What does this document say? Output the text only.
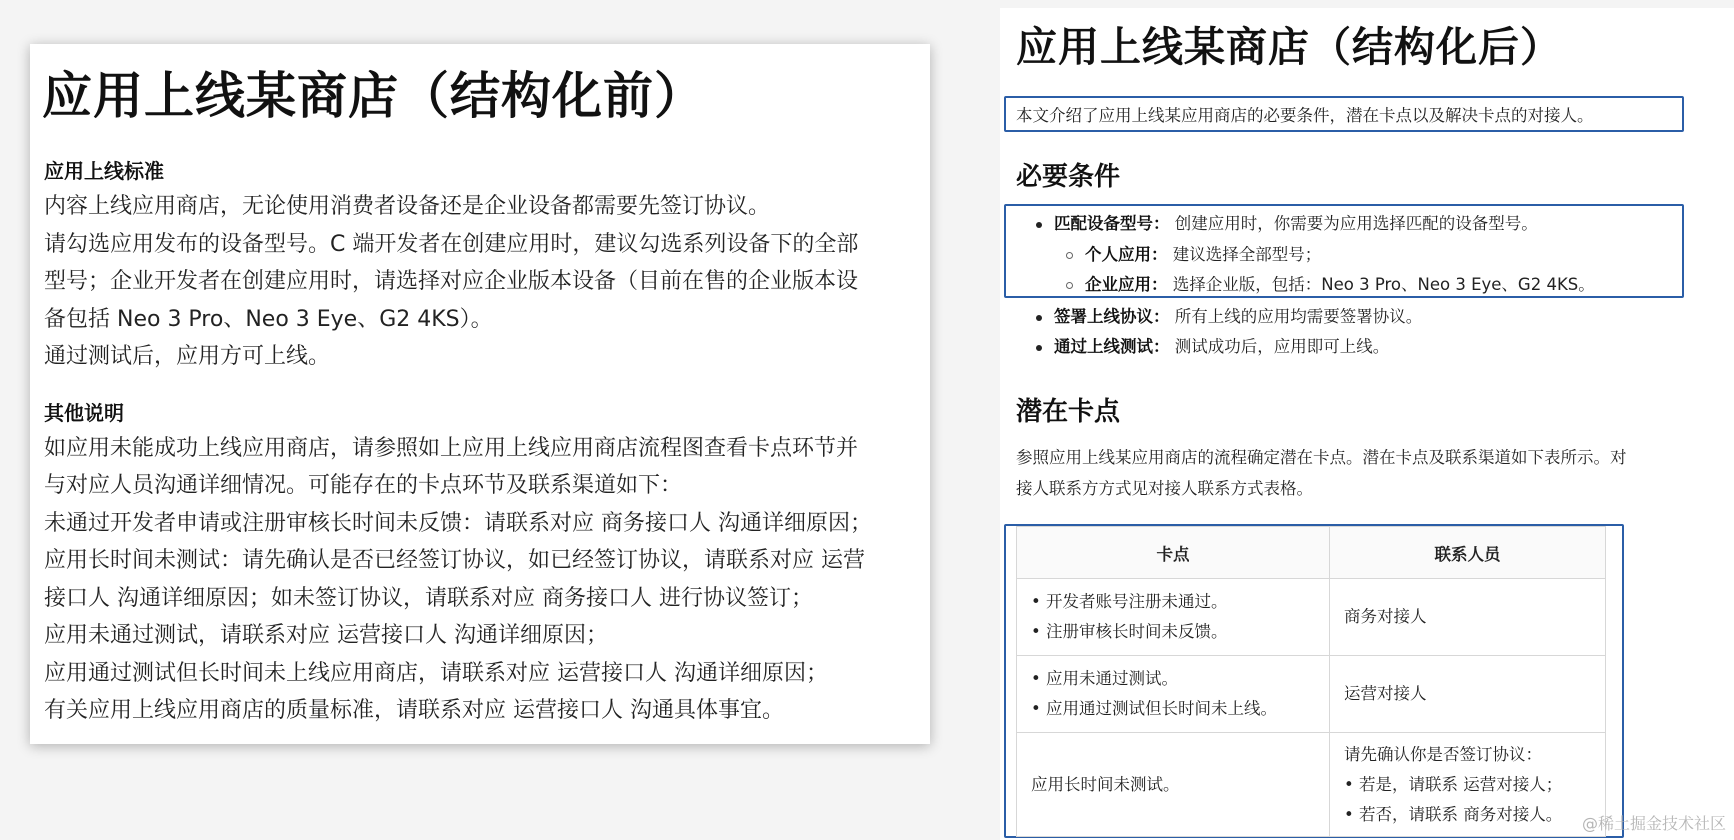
应用上线某商店（结构化前）
应用上线标准

内容上线应用商店，无论使用消费者设备还是企业设备都需要先签订协议。

请勾选应用发布的设备型号。C 端开发者在创建应用时，建议勾选系列设备下的全部

型号；企业开发者在创建应用时，请选择对应企业版本设备（目前在售的企业版本设

备包括 Neo 3 Pro、Neo 3 Eye、G2 4KS）。

通过测试后，应用方可上线。

其他说明

如应用未能成功上线应用商店，请参照如上应用上线应用商店流程图查看卡点环节并

与对应人员沟通详细情况。可能存在的卡点环节及联系渠道如下：

未通过开发者申请或注册审核长时间未反馈：请联系对应 商务接口人 沟通详细原因；

应用长时间未测试：请先确认是否已经签订协议，如已经签订协议，请联系对应 运营

接口人 沟通详细原因；如未签订协议，请联系对应 商务接口人 进行协议签订；

应用未通过测试，请联系对应 运营接口人 沟通详细原因；

应用通过测试但长时间未上线应用商店，请联系对应 运营接口人 沟通详细原因；

有关应用上线应用商店的质量标准，请联系对应 运营接口人 沟通具体事宜。

应用上线某商店（结构化后）
本文介绍了应用上线某应用商店的必要条件，潜在卡点以及解决卡点的对接人。
必要条件
匹配设备型号： 创建应用时，你需要为应用选择匹配的设备型号。
个人应用： 建议选择全部型号；
企业应用： 选择企业版，包括：Neo 3 Pro、Neo 3 Eye、G2 4KS。
签署上线协议： 所有上线的应用均需要签署协议。
通过上线测试： 测试成功后，应用即可上线。
潜在卡点

参照应用上线某应用商店的流程确定潜在卡点。潜在卡点及联系渠道如下表所示。对

接人联系方方式见对接人联系方式表格。

卡点	联系人员

• 开发者账号注册未通过。
• 注册审核长时间未反馈。	商务对接人

• 应用未通过测试。
• 应用通过测试但长时间未上线。	运营对接人

应用长时间未测试。	请先确认你是否签订协议：
• 若是，请联系 运营对接人；
• 若否，请联系 商务对接人。	@稀土掘金技术社区
